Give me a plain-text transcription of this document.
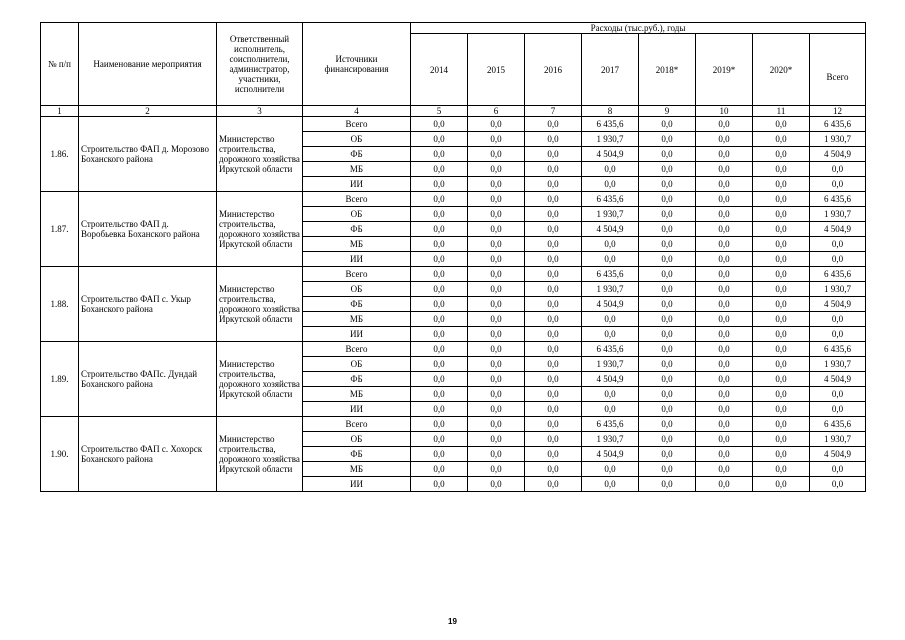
№ п/п	Наименование мероприятия	Ответственный исполнитель, соисполнители, администратор, участники, исполнители	Источники финансирования	Расходы (тыс.руб.), годы							
				2014	2015	2016	2017	2018*	2019*	2020*	Всего
1	2	3	4	5	6	7	8	9	10	11	12
1.86.	Строительство ФАП д. Морозово Боханского района	Министерство строительства, дорожного хозяйства Иркутской области	Всего	0,0	0,0	0,0	6 435,6	0,0	0,0	0,0	6 435,6
			ОБ	0,0	0,0	0,0	1 930,7	0,0	0,0	0,0	1 930,7
			ФБ	0,0	0,0	0,0	4 504,9	0,0	0,0	0,0	4 504,9
			МБ	0,0	0,0	0,0	0,0	0,0	0,0	0,0	0,0
			ИИ	0,0	0,0	0,0	0,0	0,0	0,0	0,0	0,0
1.87.	Строительство ФАП д. Воробьевка Боханского района	Министерство строительства, дорожного хозяйства Иркутской области	Всего	0,0	0,0	0,0	6 435,6	0,0	0,0	0,0	6 435,6
			ОБ	0,0	0,0	0,0	1 930,7	0,0	0,0	0,0	1 930,7
			ФБ	0,0	0,0	0,0	4 504,9	0,0	0,0	0,0	4 504,9
			МБ	0,0	0,0	0,0	0,0	0,0	0,0	0,0	0,0
			ИИ	0,0	0,0	0,0	0,0	0,0	0,0	0,0	0,0
1.88.	Строительство ФАП с. Укыр Боханского района	Министерство строительства, дорожного хозяйства Иркутской области	Всего	0,0	0,0	0,0	6 435,6	0,0	0,0	0,0	6 435,6
			ОБ	0,0	0,0	0,0	1 930,7	0,0	0,0	0,0	1 930,7
			ФБ	0,0	0,0	0,0	4 504,9	0,0	0,0	0,0	4 504,9
			МБ	0,0	0,0	0,0	0,0	0,0	0,0	0,0	0,0
			ИИ	0,0	0,0	0,0	0,0	0,0	0,0	0,0	0,0
1.89.	Строительство ФАПс. Дундай Боханского района	Министерство строительства, дорожного хозяйства Иркутской области	Всего	0,0	0,0	0,0	6 435,6	0,0	0,0	0,0	6 435,6
			ОБ	0,0	0,0	0,0	1 930,7	0,0	0,0	0,0	1 930,7
			ФБ	0,0	0,0	0,0	4 504,9	0,0	0,0	0,0	4 504,9
			МБ	0,0	0,0	0,0	0,0	0,0	0,0	0,0	0,0
			ИИ	0,0	0,0	0,0	0,0	0,0	0,0	0,0	0,0
1.90.	Строительство ФАП с. Хохорск Боханского района	Министерство строительства, дорожного хозяйства Иркутской области	Всего	0,0	0,0	0,0	6 435,6	0,0	0,0	0,0	6 435,6
			ОБ	0,0	0,0	0,0	1 930,7	0,0	0,0	0,0	1 930,7
			ФБ	0,0	0,0	0,0	4 504,9	0,0	0,0	0,0	4 504,9
			МБ	0,0	0,0	0,0	0,0	0,0	0,0	0,0	0,0
			ИИ	0,0	0,0	0,0	0,0	0,0	0,0	0,0	0,0
19
